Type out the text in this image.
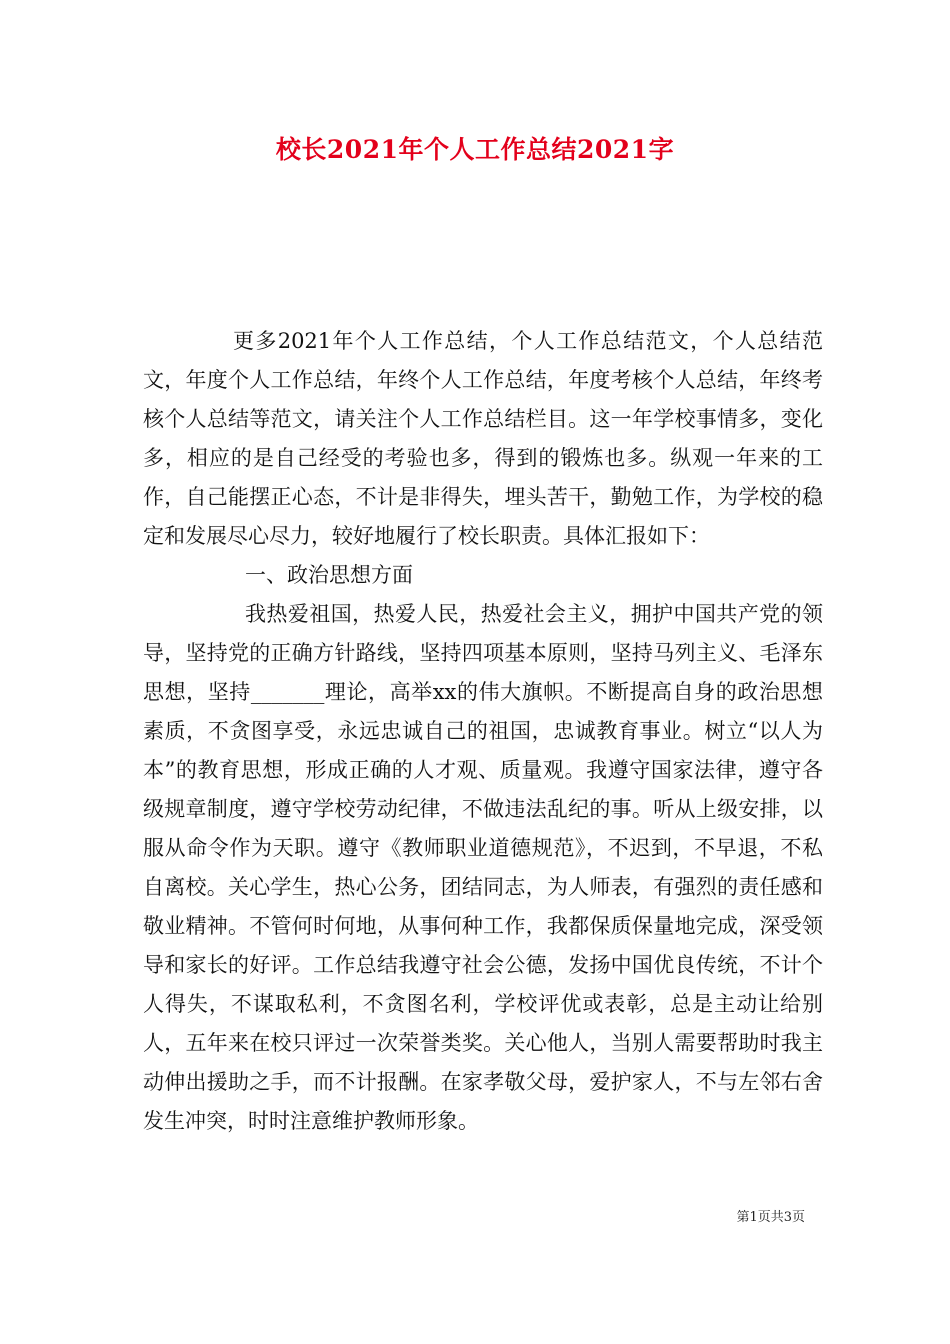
校长2021年个人工作总结2021字

更多2021年个人工作总结，个人工作总结范文，个人总结范文，年度个人工作总结，年终个人工作总结，年度考核个人总结，年终考核个人总结等范文，请关注个人工作总结栏目。这一年学校事情多，变化多，相应的是自己经受的考验也多，得到的锻炼也多。纵观一年来的工作，自己能摆正心态，不计是非得失，埋头苦干，勤勉工作，为学校的稳定和发展尽心尽力，较好地履行了校长职责。具体汇报如下：

一、政治思想方面

我热爱祖国，热爱人民，热爱社会主义，拥护中国共产党的领导，坚持党的正确方针路线，坚持四项基本原则，坚持马列主义、毛泽东思想，坚持_______理论，高举xx的伟大旗帜。不断提高自身的政治思想素质，不贪图享受，永远忠诚自己的祖国，忠诚教育事业。树立“以人为本”的教育思想，形成正确的人才观、质量观。我遵守国家法律，遵守各级规章制度，遵守学校劳动纪律，不做违法乱纪的事。听从上级安排，以服从命令作为天职。遵守《教师职业道德规范》，不迟到，不早退，不私自离校。关心学生，热心公务，团结同志，为人师表，有强烈的责任感和敬业精神。不管何时何地，从事何种工作，我都保质保量地完成，深受领导和家长的好评。工作总结我遵守社会公德，发扬中国优良传统，不计个人得失，不谋取私利，不贪图名利，学校评优或表彰，总是主动让给别人，五年来在校只评过一次荣誉类奖。关心他人，当别人需要帮助时我主动伸出援助之手，而不计报酬。在家孝敬父母，爱护家人，不与左邻右舍发生冲突，时时注意维护教师形象。

第1页共3页
